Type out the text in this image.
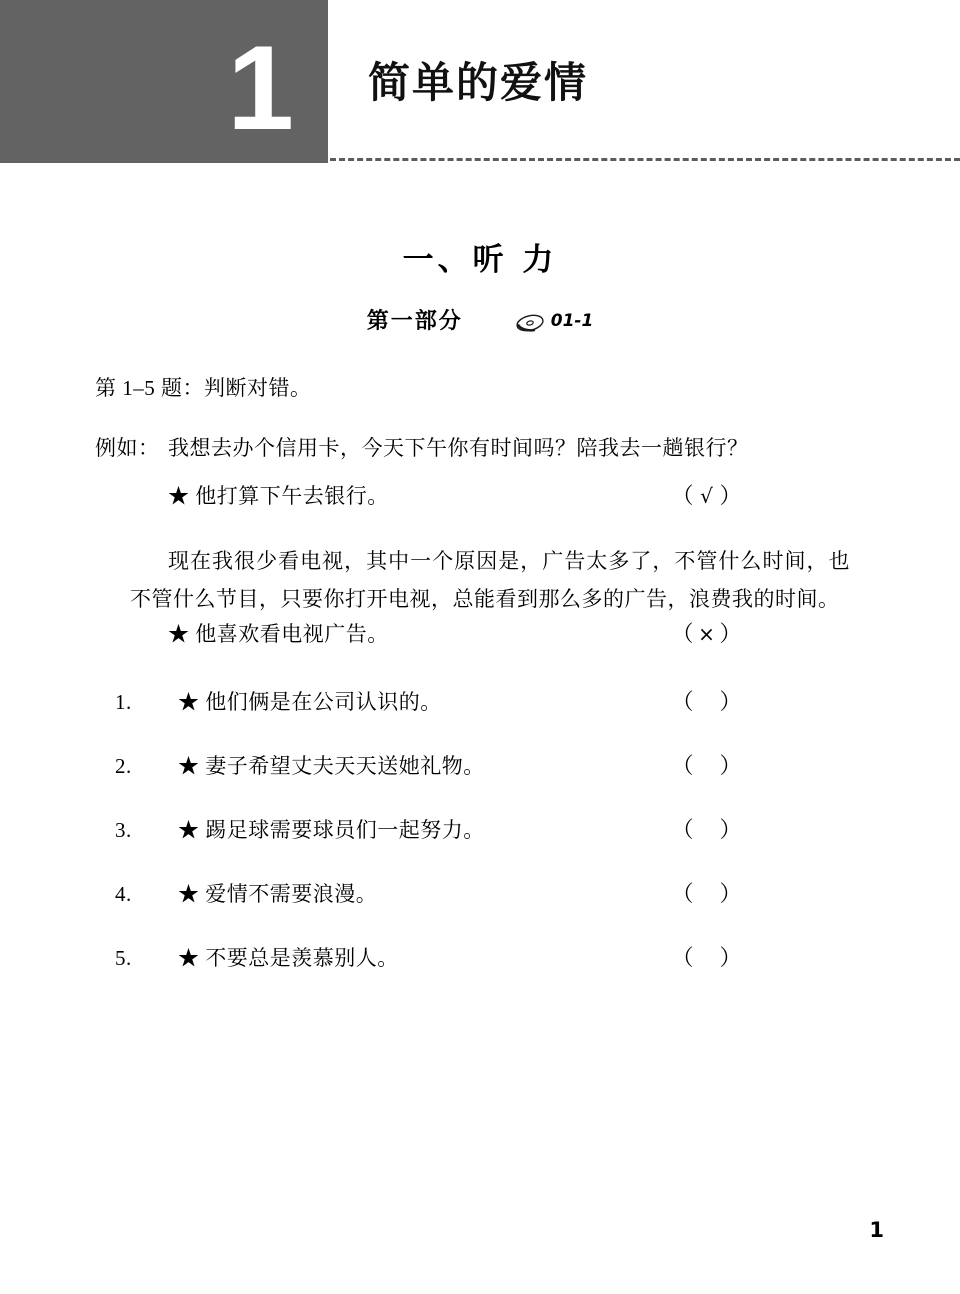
1 简单的爱情
一、听 力
第一部分	01-1
第 1–5 题：判断对错。
例如： 我想去办个信用卡，今天下午你有时间吗？陪我去一趟银行？
★ 他打算下午去银行。	（ √ ）
现在我很少看电视，其中一个原因是，广告太多了，不管什么时间，也不管什么节目，只要你打开电视，总能看到那么多的广告，浪费我的时间。
★ 他喜欢看电视广告。	（ × ）
1. ★ 他们俩是在公司认识的。	（ ）
2. ★ 妻子希望丈夫天天送她礼物。	（ ）
3. ★ 踢足球需要球员们一起努力。	（ ）
4. ★ 爱情不需要浪漫。	（ ）
5. ★ 不要总是羡慕别人。	（ ）
1
